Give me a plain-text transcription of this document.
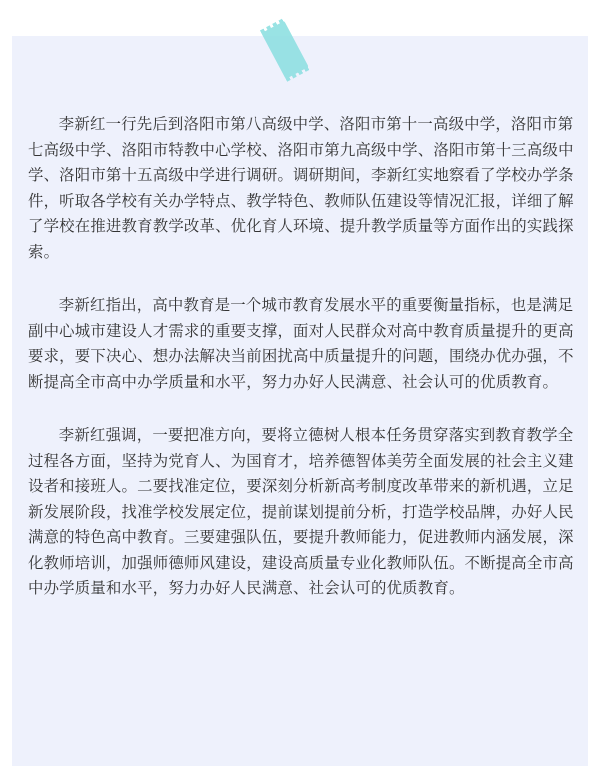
李新红一行先后到洛阳市第八高级中学、洛阳市第十一高级中学，洛阳市第七高级中学、洛阳市特教中心学校、洛阳市第九高级中学、洛阳市第十三高级中学、洛阳市第十五高级中学进行调研。调研期间，李新红实地察看了学校办学条件，听取各学校有关办学特点、教学特色、教师队伍建设等情况汇报，详细了解了学校在推进教育教学改革、优化育人环境、提升教学质量等方面作出的实践探索。

李新红指出，高中教育是一个城市教育发展水平的重要衡量指标，也是满足副中心城市建设人才需求的重要支撑，面对人民群众对高中教育质量提升的更高要求，要下决心、想办法解决当前困扰高中质量提升的问题，围绕办优办强，不断提高全市高中办学质量和水平，努力办好人民满意、社会认可的优质教育。

李新红强调，一要把准方向，要将立德树人根本任务贯穿落实到教育教学全过程各方面，坚持为党育人、为国育才，培养德智体美劳全面发展的社会主义建设者和接班人。二要找准定位，要深刻分析新高考制度改革带来的新机遇，立足新发展阶段，找准学校发展定位，提前谋划提前分析，打造学校品牌，办好人民满意的特色高中教育。三要建强队伍，要提升教师能力，促进教师内涵发展，深化教师培训，加强师德师风建设，建设高质量专业化教师队伍。不断提高全市高中办学质量和水平，努力办好人民满意、社会认可的优质教育。
